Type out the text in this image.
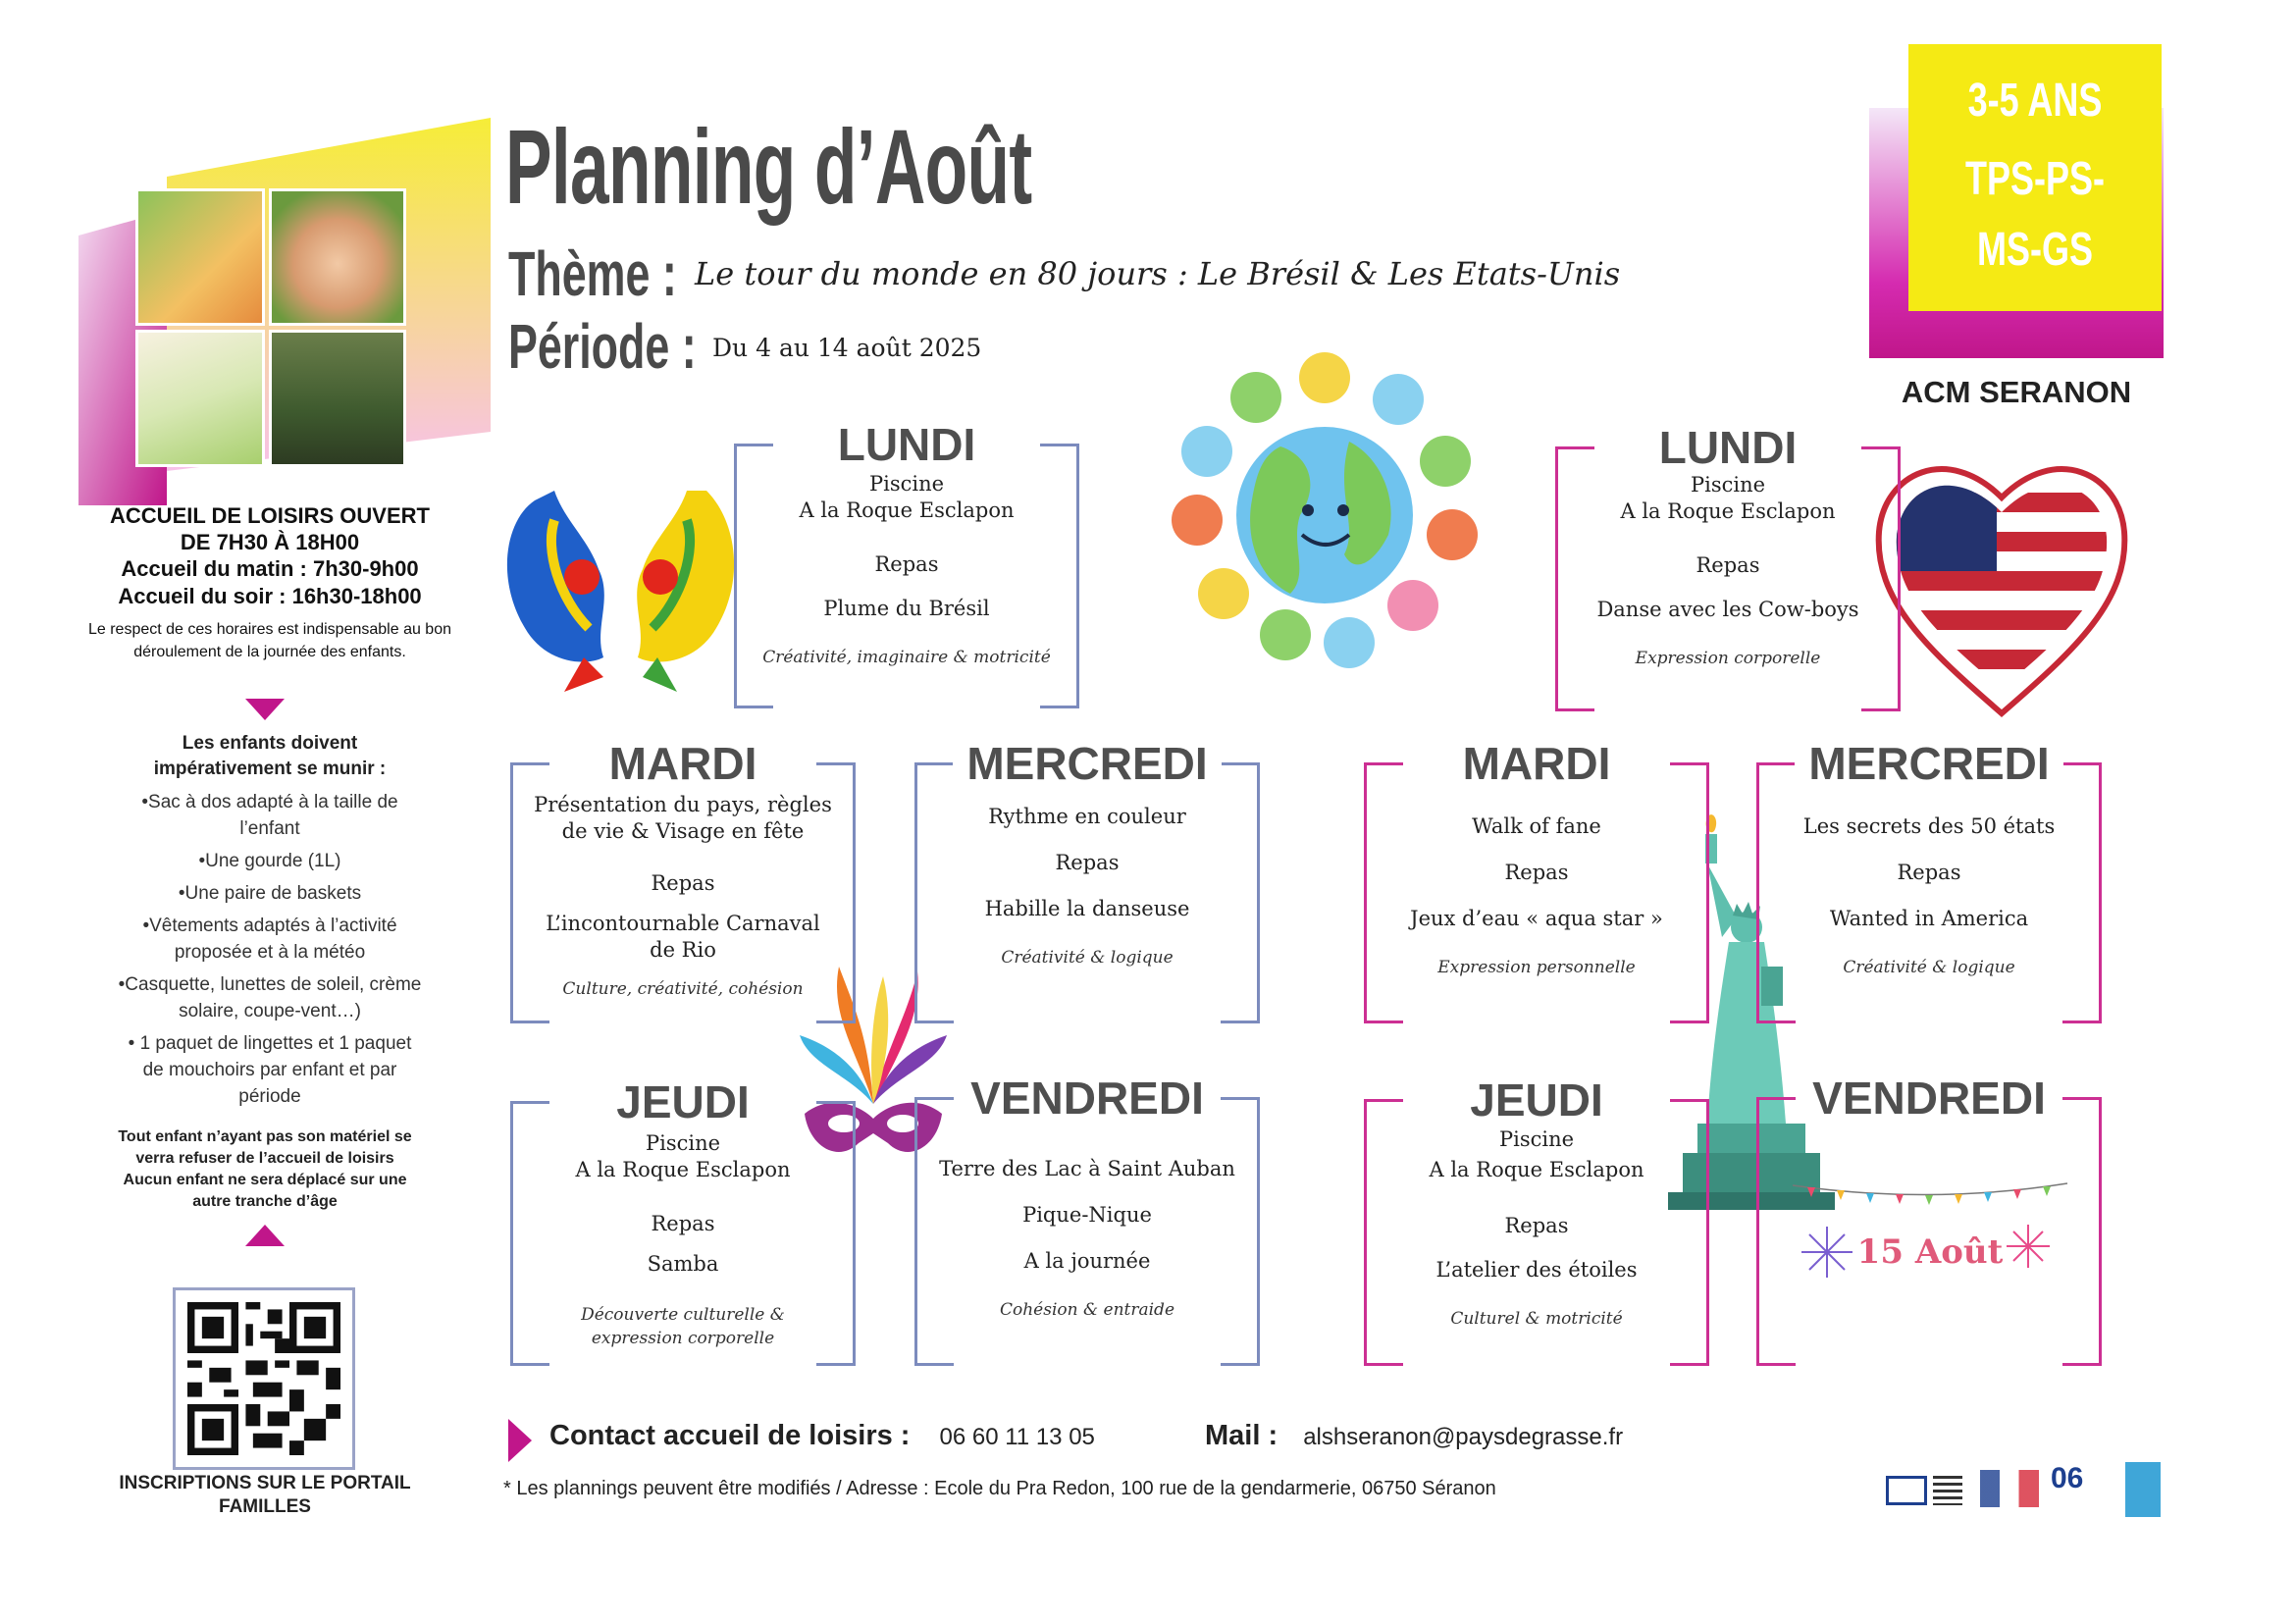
ACCUEIL DE LOISIRS OUVERT
DE 7H30 À 18H00
Accueil du matin : 7h30-9h00
Accueil du soir : 16h30-18h00
Le respect de ces horaires est indispensable au bon déroulement de la journée des enfants.
Les enfants doivent impérativement se munir :
•Sac à dos adapté à la taille de l’enfant
•Une gourde (1L)
•Une paire de baskets
•Vêtements adaptés à l’activité proposée et à la météo
•Casquette, lunettes de soleil, crème solaire, coupe-vent…)
• 1 paquet de lingettes et 1 paquet de mouchoirs par enfant et par période
Tout enfant n’ayant pas son matériel se verra refuser de l’accueil de loisirs Aucun enfant ne sera déplacé sur une autre tranche d’âge
INSCRIPTIONS SUR LE PORTAIL FAMILLES
Planning d’Août
Thème : Le tour du monde en 80 jours : Le Brésil & Les Etats-Unis
Période : Du 4 au 14 août 2025
3-5 ANS
TPS-PS-
MS-GS
ACM SERANON
15 Août
LUNDI
Piscine
A la Roque Esclapon
Repas
Plume du Brésil
Créativité, imaginaire & motricité
MARDI
Présentation du pays, règles
de vie & Visage en fête
Repas
L’incontournable Carnaval
de Rio
Culture, créativité, cohésion
MERCREDI
Rythme en couleur
Repas
Habille la danseuse
Créativité & logique
JEUDI
Piscine
A la Roque Esclapon
Repas
Samba
Découverte culturelle & expression corporelle
VENDREDI
Terre des Lac à Saint Auban
Pique-Nique
A la journée
Cohésion & entraide
LUNDI
Piscine
A la Roque Esclapon
Repas
Danse avec les Cow-boys
Expression corporelle
MARDI
Walk of fane
Repas
Jeux d’eau « aqua star »
Expression personnelle
MERCREDI
Les secrets des 50 états
Repas
Wanted in America
Créativité & logique
JEUDI
Piscine
A la Roque Esclapon
Repas
L’atelier des étoiles
Culturel & motricité
VENDREDI
Contact accueil de loisirs : 06 60 11 13 05	Mail : alshseranon@paysdegrasse.fr
* Les plannings peuvent être modifiés / Adresse : Ecole du Pra Redon, 100 rue de la gendarmerie, 06750 Séranon	06
